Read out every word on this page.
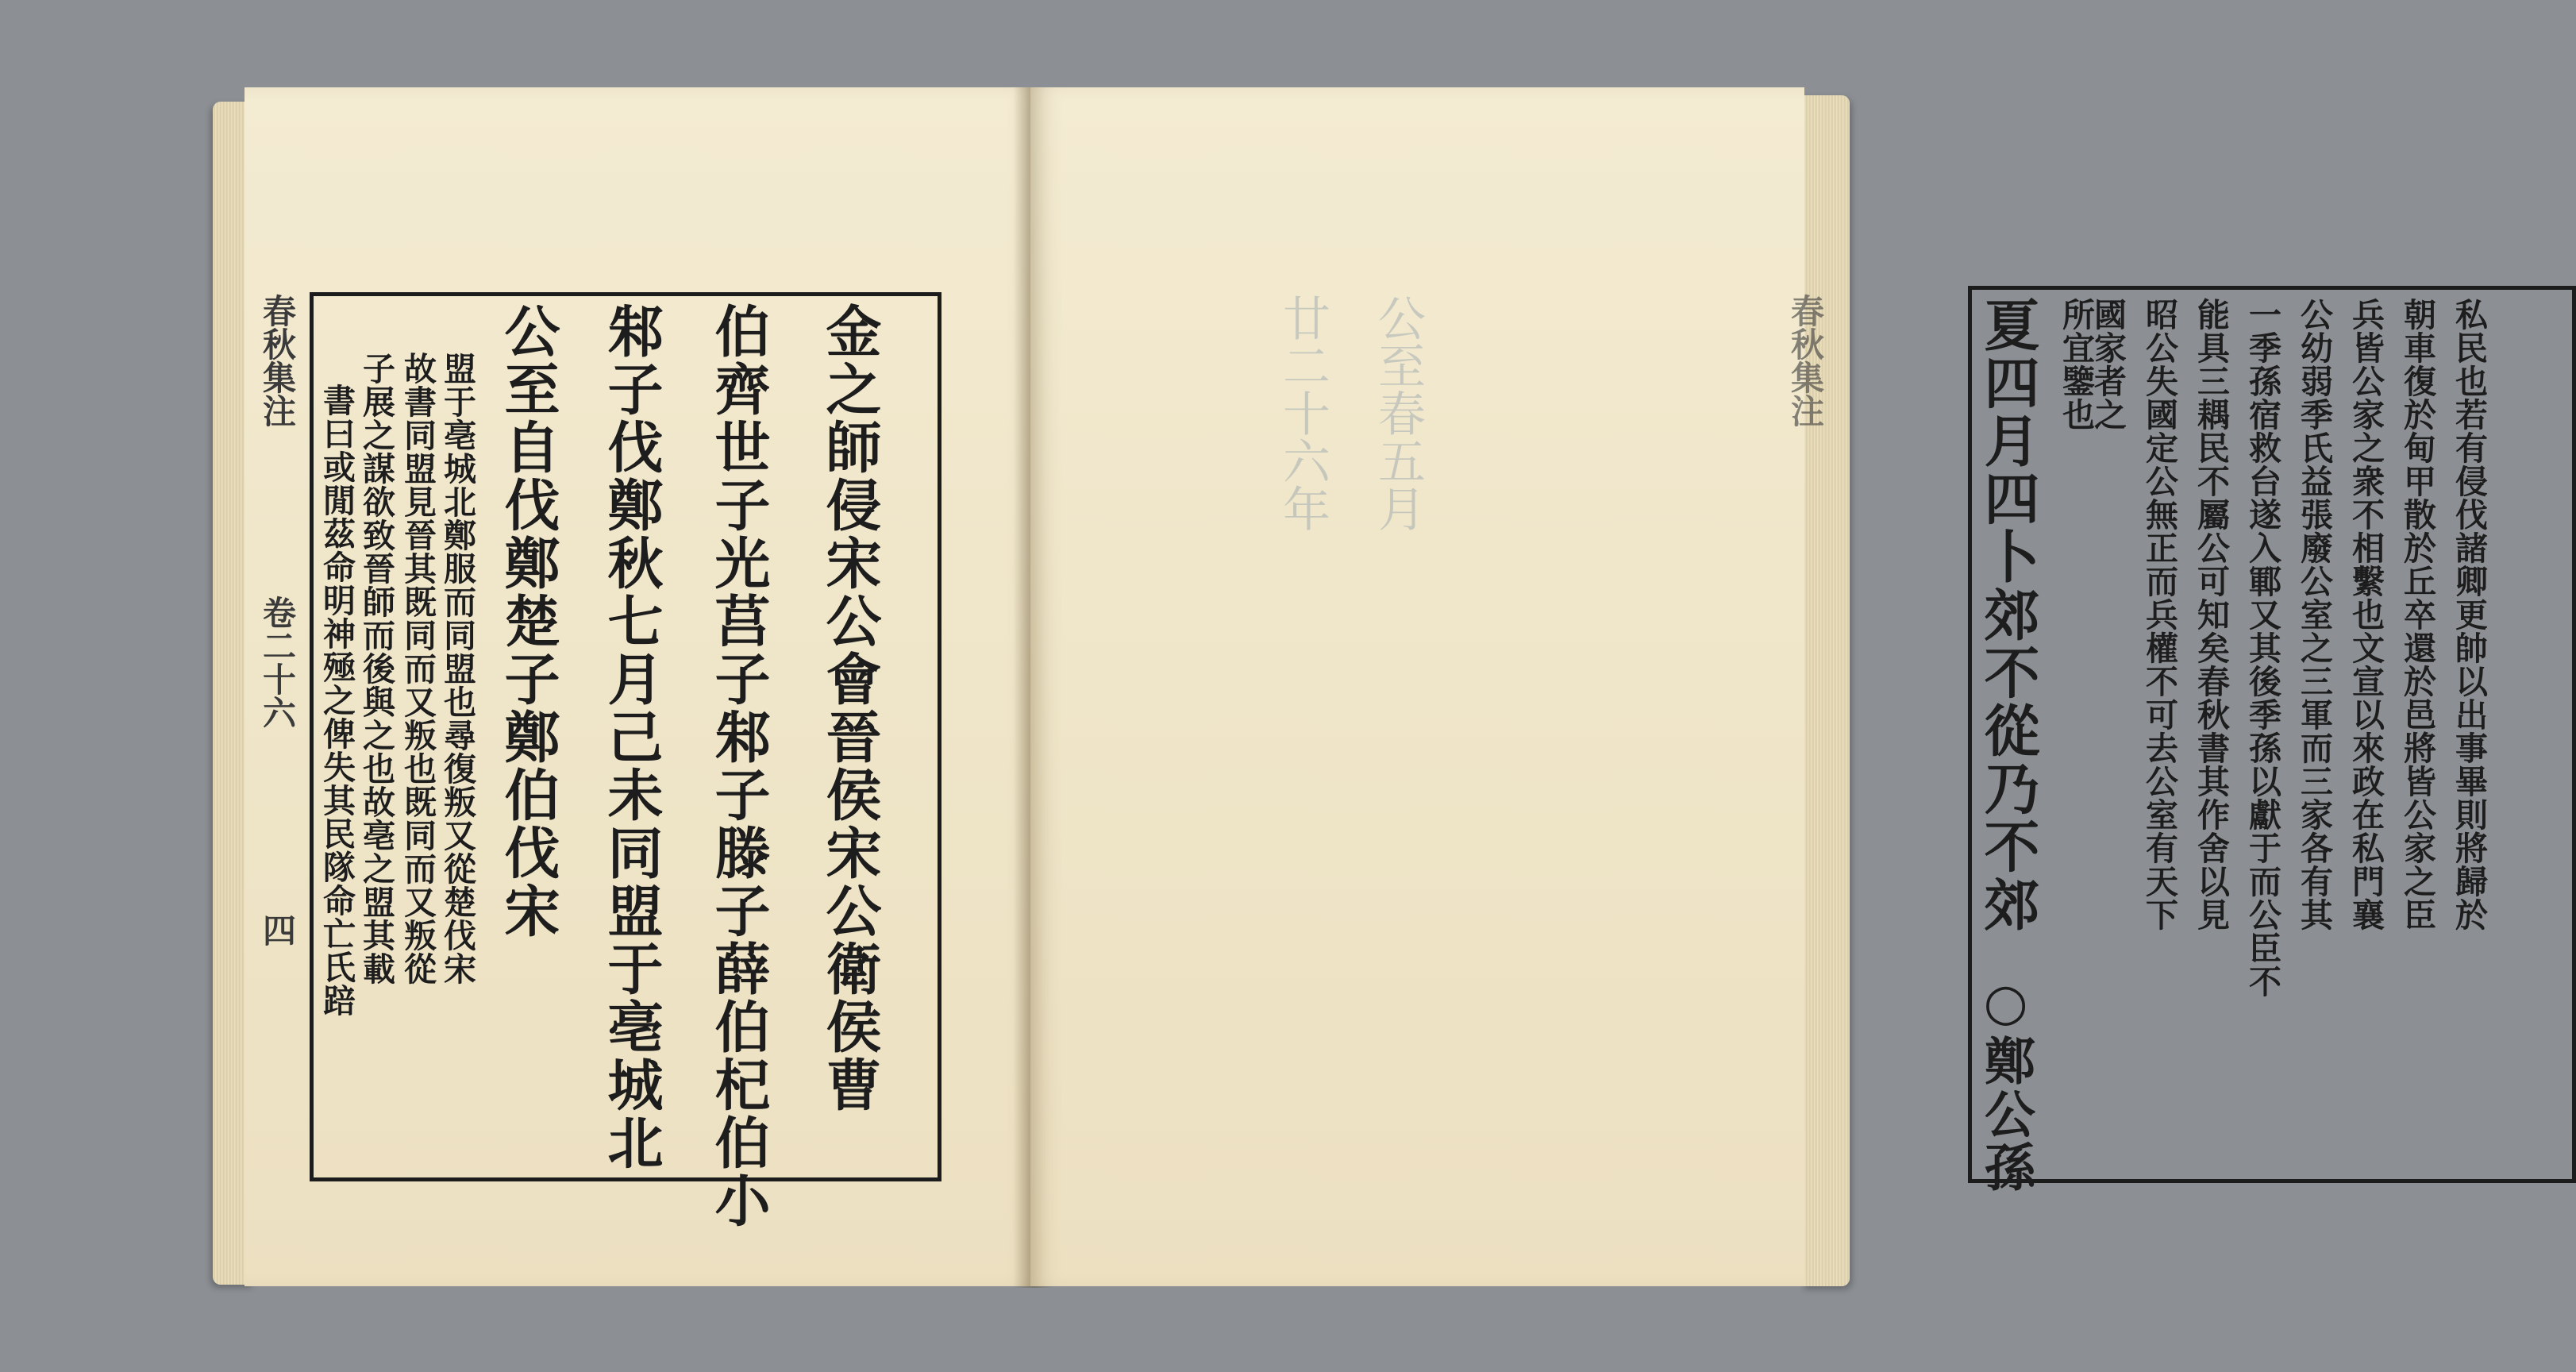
春秋集注
卷二十六
四 書曰或閒茲命明神殛之俾失其民隊命亡氏踣 子展之謀欲致晉師而後與之也故亳之盟其載 故書同盟見晉其既同而又叛也既同而又叛從 盟于亳城北鄭服而同盟也尋復叛又從楚伐宋 公至自伐鄭楚子鄭伯伐宋 邾子伐鄭秋七月己未同盟于亳城北 伯齊世子光莒子邾子滕子薛伯杞伯小 金之師侵宋公會晉侯宋公衛侯曹	廿二十六年 公至春五月	夏四月四卜郊不從乃不郊
○鄭公孫
所宜鑒也
國家者之 昭公失國定公無正而兵權不可去公室有天下 能具三耦民不屬公可知矣春秋書其作舍以見 一季孫宿救台遂入鄆又其後季孫以獻于而公臣不 公幼弱季氏益張廢公室之三軍而三家各有其 兵皆公家之衆不相繫也文宣以來政在私門襄 朝車復於甸甲散於丘卒還於邑將皆公家之臣 私民也若有侵伐諸卿更帥以出事畢則將歸於
春秋集注
